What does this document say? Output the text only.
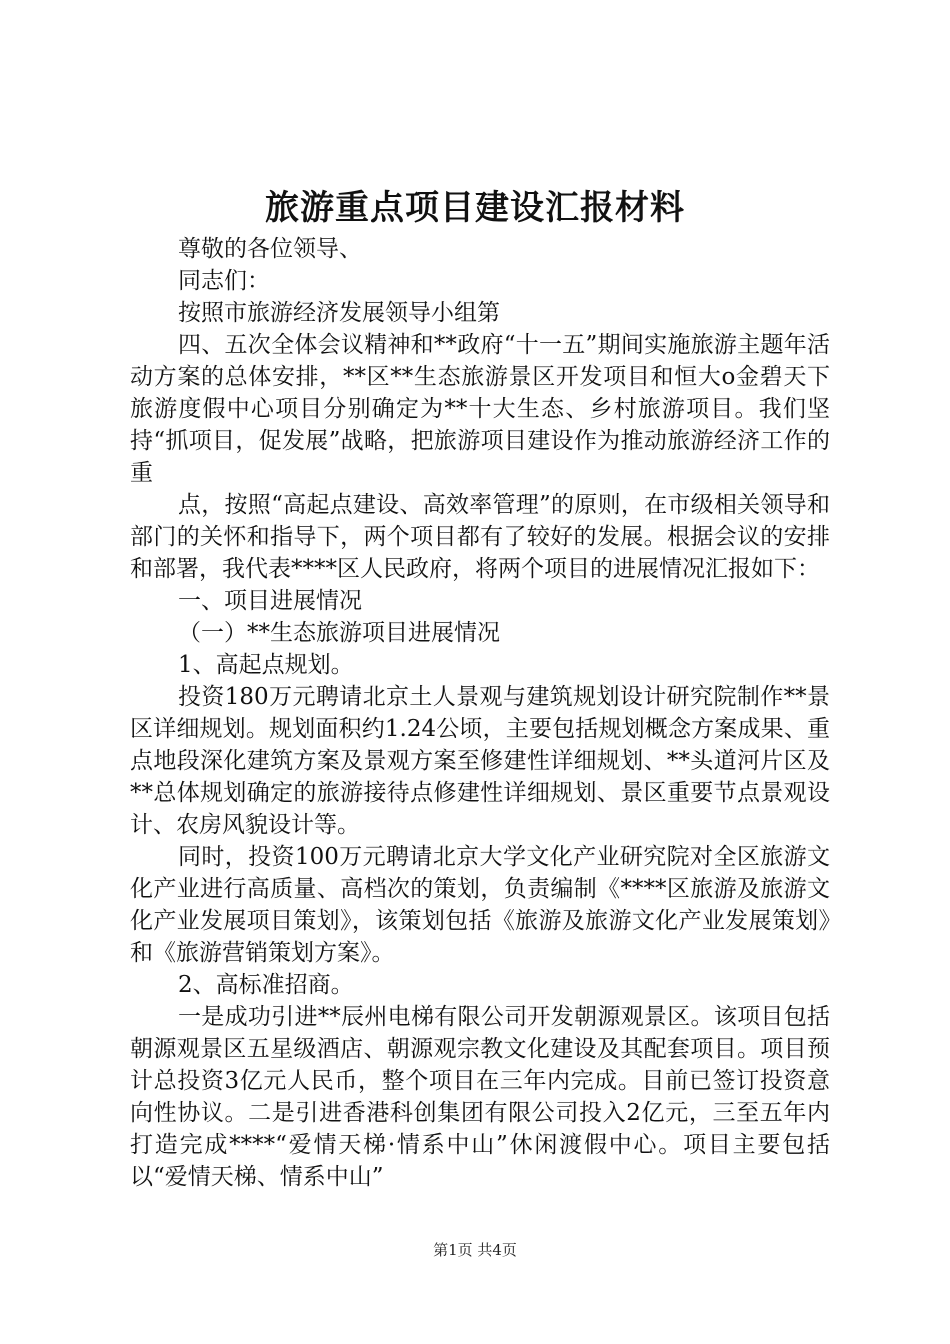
旅游重点项目建设汇报材料

尊敬的各位领导、

同志们：

按照市旅游经济发展领导小组第

四、五次全体会议精神和**政府“十一五”期间实施旅游主题年活动方案的总体安排，**区**生态旅游景区开发项目和恒大ο金碧天下旅游度假中心项目分别确定为**十大生态、乡村旅游项目。我们坚持“抓项目，促发展”战略，把旅游项目建设作为推动旅游经济工作的重

点，按照“高起点建设、高效率管理”的原则，在市级相关领导和部门的关怀和指导下，两个项目都有了较好的发展。根据会议的安排和部署，我代表****区人民政府，将两个项目的进展情况汇报如下：

一、项目进展情况

（一）**生态旅游项目进展情况

1、高起点规划。

投资180万元聘请北京土人景观与建筑规划设计研究院制作**景区详细规划。规划面积约1.24公顷，主要包括规划概念方案成果、重点地段深化建筑方案及景观方案至修建性详细规划、**头道河片区及**总体规划确定的旅游接待点修建性详细规划、景区重要节点景观设计、农房风貌设计等。

同时，投资100万元聘请北京大学文化产业研究院对全区旅游文化产业进行高质量、高档次的策划，负责编制《****区旅游及旅游文化产业发展项目策划》，该策划包括《旅游及旅游文化产业发展策划》和《旅游营销策划方案》。

2、高标准招商。

一是成功引进**辰州电梯有限公司开发朝源观景区。该项目包括朝源观景区五星级酒店、朝源观宗教文化建设及其配套项目。项目预计总投资3亿元人民币，整个项目在三年内完成。目前已签订投资意向性协议。二是引进香港科创集团有限公司投入2亿元，三至五年内打造完成****“爱情天梯·情系中山”休闲渡假中心。项目主要包括以“爱情天梯、情系中山”

第1页 共4页
